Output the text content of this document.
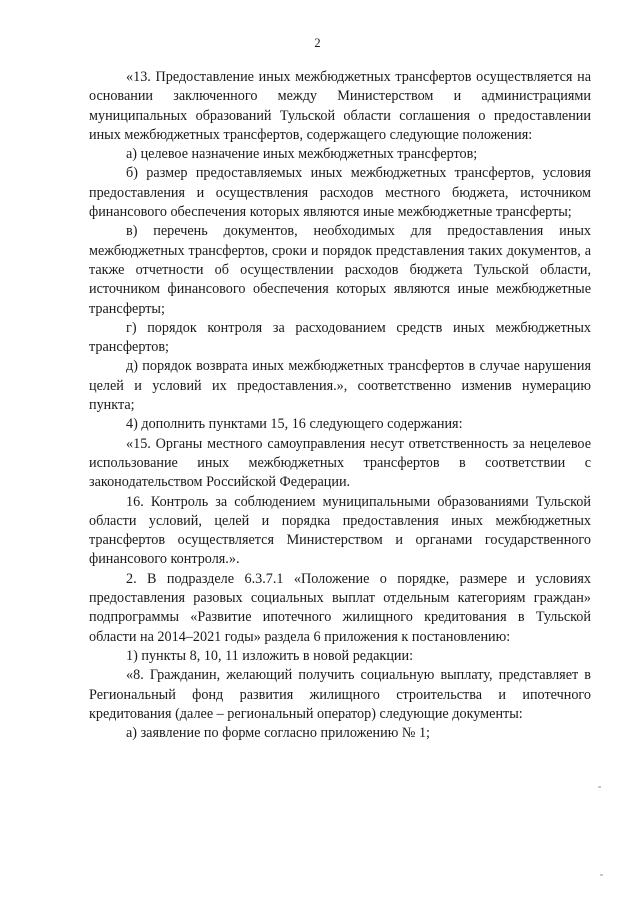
2

«13. Предоставление иных межбюджетных трансфертов осуществляется на основании заключенного между Министерством и администрациями муниципальных образований Тульской области соглашения о предоставлении иных межбюджетных трансфертов, содержащего следующие положения:

а) целевое назначение иных межбюджетных трансфертов;

б) размер предоставляемых иных межбюджетных трансфертов, условия предоставления и осуществления расходов местного бюджета, источником финансового обеспечения которых являются иные межбюджетные трансферты;

в) перечень документов, необходимых для предоставления иных межбюджетных трансфертов, сроки и порядок представления таких документов, а также отчетности об осуществлении расходов бюджета Тульской области, источником финансового обеспечения которых являются иные межбюджетные трансферты;

г) порядок контроля за расходованием средств иных межбюджетных трансфертов;

д) порядок возврата иных межбюджетных трансфертов в случае нарушения целей и условий их предоставления.», соответственно изменив нумерацию пункта;

4) дополнить пунктами 15, 16 следующего содержания:

«15. Органы местного самоуправления несут ответственность за нецелевое использование иных межбюджетных трансфертов в соответствии с законодательством Российской Федерации.

16. Контроль за соблюдением муниципальными образованиями Тульской области условий, целей и порядка предоставления иных межбюджетных трансфертов осуществляется Министерством и органами государственного финансового контроля.».

2. В подразделе 6.3.7.1 «Положение о порядке, размере и условиях предоставления разовых социальных выплат отдельным категориям граждан» подпрограммы «Развитие ипотечного жилищного кредитования в Тульской области на 2014–2021 годы» раздела 6 приложения к постановлению:

1) пункты 8, 10, 11 изложить в новой редакции:

«8. Гражданин, желающий получить социальную выплату, представляет в Региональный фонд развития жилищного строительства и ипотечного кредитования (далее – региональный оператор) следующие документы:

а) заявление по форме согласно приложению № 1;
